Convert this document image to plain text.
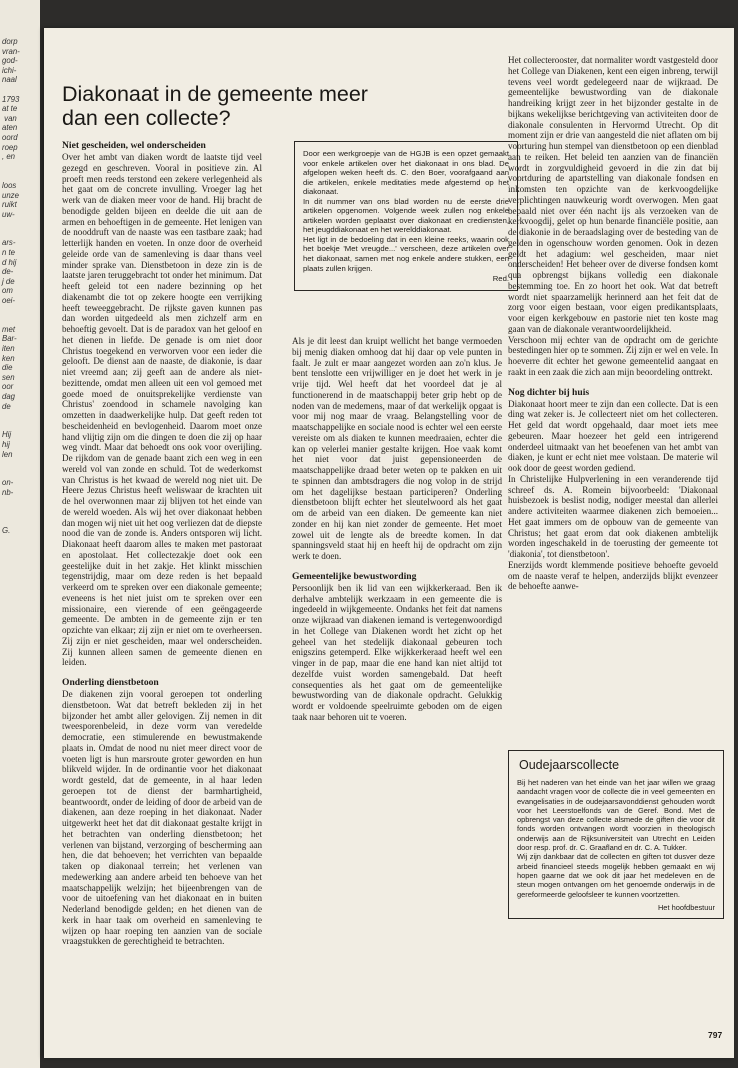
dorp
vran-
god-
ichi-
naal

1793
at te
van
aten
oord
roep
, en

loos
unze
ruikt
uw-

ars-
n te
d hij
de-
j de
om
oei-

met
Bar-
iten
ken
die
sen
oor
dag
de

Hij
hij
len

on-
nb-

G.
Diakonaat in de gemeente meer dan een collecte?
Niet gescheiden, wel onderscheiden

Over het ambt van diaken wordt de laatste tijd veel gezegd en geschreven. Vooral in positieve zin. Al proeft men reeds terstond een zekere verlegenheid als het gaat om de concrete invulling. Vroeger lag het werk van de diaken meer voor de hand. Hij bracht de benodigde gelden bijeen en deelde die uit aan de armen en behoeftigen in de gemeente. Het lenigen van de nooddruft van de naaste was een tastbare zaak; had letterlijk handen en voeten. In onze door de overheid geleide orde van de samenleving is daar thans veel minder sprake van. Dienstbetoon in deze zin is de laatste jaren teruggebracht tot onder het minimum. Dat heeft geleid tot een nadere bezinning op het diakenambt die tot op zekere hoogte een verrijking heeft teweeggebracht. De rijkste gaven kunnen pas dan worden uitgedeeld als men zichzelf arm en behoeftig gevoelt. Dat is de paradox van het geloof en het dienen in liefde. De genade is om niet door Christus toegekend en verworven voor een ieder die gelooft. De dienst aan de naaste, de diakonie, is daar niet vreemd aan; zij geeft aan de andere als niet-bezittende, omdat men alleen uit een vol gemoed met goede moed de onuitsprekelijke verdienste van Christus' zoendood in schamele navolging kan omzetten in daadwerkelijke hulp. Dat geeft reden tot bescheidenheid en bevlogenheid. Daarom moet onze hand vlijtig zijn om die dingen te doen die zij op haar weg vindt. Maar dat behoedt ons ook voor overijling. De rijkdom van de genade baant zich een weg in een wereld vol van zonde en schuld. Tot de wederkomst van Christus is het kwaad de wereld nog niet uit. De Heere Jezus Christus heeft weliswaar de krachten uit de hel overwonnen maar zij blijven tot het einde van de wereld woeden. Als wij het over diakonaat hebben dan mogen wij niet uit het oog verliezen dat de diepste nood die van de zonde is. Anders ontsporen wij licht. Diakonaat heeft daarom alles te maken met pastoraat en apostolaat. Het collectezakje doet ook een geestelijke duit in het zakje. Het klinkt misschien tegenstrijdig, maar om deze reden is het bepaald verkeerd om te spreken over een diakonale gemeente; eveneens is het niet juist om te spreken over een missionaire, een vierende of een geëngageerde gemeente. De ambten in de gemeente zijn er ten opzichte van elkaar; zij zijn er niet om te overheersen. Zij zijn er niet gescheiden, maar wel onderscheiden. Zij kunnen alleen samen de gemeente dienen en leiden.

Onderling dienstbetoon

De diakenen zijn vooral geroepen tot onderling dienstbetoon. Wat dat betreft bekleden zij in het bijzonder het ambt aller gelovigen. Zij nemen in dit tweesporenbeleid, in deze vorm van veredelde democratie, een stimulerende en bewustmakende plaats in. Omdat de nood nu niet meer direct voor de voeten ligt is hun marsroute groter geworden en hun blikveld wijder. In de ordinantie voor het diakonaat wordt gesteld, dat de gemeente, in al haar leden geroepen tot de dienst der barmhartigheid, beantwoordt, onder de leiding of door de arbeid van de diakenen, aan deze roeping in het diakonaat. Nader uitgewerkt heet het dat dit diakonaat gestalte krijgt in het betrachten van onderling dienstbetoon; het verlenen van bijstand, verzorging of bescherming aan hen, die dat behoeven; het verrichten van bepaalde taken op diakonaal terrein; het verlenen van medewerking aan andere arbeid ten behoeve van het maatschappelijk welzijn; het bijeenbrengen van de voor de uitoefening van het diakonaat en in buiten Nederland benodigde gelden; en het dienen van de kerk in haar taak om overheid en samenleving te wijzen op haar roeping ten aanzien van de sociale vraagstukken de gerechtigheid te betrachten.

Door een werkgroepje van de HGJB is een opzet gemaakt voor enkele artikelen over het diakonaat in ons blad. De afgelopen weken heeft ds. C. den Boer, voorafgaand aan die artikelen, enkele meditaties mede afgestemd op het diakonaat.

In dit nummer van ons blad worden nu de eerste drie artikelen opgenomen. Volgende week zullen nog enkele artikelen worden geplaatst over diakonaat en crediensten, het jeugddiakonaat en het werelddiakonaat.

Het ligt in de bedoeling dat in een kleine reeks, waarin ook het boekje 'Met vreugde...' verscheen, deze artikelen over het diakonaat, samen met nog enkele andere stukken, een plaats zullen krijgen.

Red.

Als je dit leest dan kruipt wellicht het bange vermoeden bij menig diaken omhoog dat hij daar op vele punten in faalt. Je zult er maar aangezet worden aan zo'n klus. Je bent tenslotte een vrijwilliger en je doet het werk in je vrije tijd. Wel heeft dat het voordeel dat je al functionerend in de maatschappij beter grip hebt op de noden van de medemens, maar of dat werkelijk opgaat is voor mij nog maar de vraag. Belangstelling voor de maatschappelijke en sociale nood is echter wel een eerste vereiste om als diaken te kunnen meedraaien, echter die kan op velerlei manier gestalte krijgen. Hoe vaak komt het niet voor dat juist gepensioneerden de maatschappelijke draad beter weten op te pakken en uit te spinnen dan ambtsdragers die nog volop in de strijd om het dagelijkse bestaan participeren? Onderling dienstbetoon blijft echter het sleutelwoord als het gaat om de arbeid van een diaken. De gemeente kan niet zonder en hij kan niet zonder de gemeente. Het moet zowel uit de lengte als de breedte komen. In dat spanningsveld staat hij en heeft hij de opdracht om zijn werk te doen.

Gemeentelijke bewustwording

Persoonlijk ben ik lid van een wijkkerkeraad. Ben ik derhalve ambtelijk werkzaam in een gemeente die is ingedeeld in wijkgemeente. Ondanks het feit dat namens onze wijkraad van diakenen iemand is vertegenwoordigd in het College van Diakenen wordt het zicht op het geheel van het stedelijk diakonaal gebeuren toch enigszins getemperd. Elke wijkkerkeraad heeft wel een vinger in de pap, maar die ene hand kan niet altijd tot dezelfde vuist worden samengebald. Dat heeft consequenties als het gaat om de gemeentelijke bewustwording van de diakonale opdracht. Gelukkig wordt er voldoende speelruimte geboden om de eigen taak naar behoren uit te voeren.

Het collecterooster, dat normaliter wordt vastgesteld door het College van Diakenen, kent een eigen inbreng, terwijl tevens veel wordt gedelegeerd naar de wijkraad. De gemeentelijke bewustwording van de diakonale handreiking krijgt zeer in het bijzonder gestalte in de bijkans wekelijkse berichtgeving van activiteiten door de diakonale consulenten in Hervormd Utrecht. Op dit moment zijn er drie van aangesteld die niet aflaten om bij voorturing hun stempel van dienstbetoon op een dienblad aan te reiken. Het beleid ten aanzien van de financiën wordt in zorgvuldigheid gevoerd in die zin dat bij voortduring de apartstelling van diakonale fondsen en inkomsten ten opzichte van de kerkvoogdelijke verplichtingen nauwkeurig wordt overwogen. Men gaat bepaald niet over één nacht ijs als verzoeken van de kerkvoogdij, gelet op hun benarde financiële positie, aan de diakonie in de beraadslaging over de besteding van de gelden in ogenschouw worden genomen. Ook in dezen geldt het adagium: wel gescheiden, maar niet onderscheiden! Het beheer over de diverse fondsen komt qua opbrengst bijkans volledig een diakonale bestemming toe. En zo hoort het ook. Wat dat betreft wordt niet spaarzamelijk herinnerd aan het feit dat de zorg voor eigen bestaan, voor eigen predikantsplaats, voor eigen kerkgebouw en pastorie niet ten koste mag gaan van de diakonale verantwoordelijkheid.

Verschoon mij echter van de opdracht om de gerichte bestedingen hier op te sommen. Zij zijn er wel en vele. In hoeverre dit echter het gewone gemeentelid aangaat en raakt in een zaak die zich aan mijn beoordeling onttrekt.

Nog dichter bij huis

Diakonaat hoort meer te zijn dan een collecte. Dat is een ding wat zeker is. Je collecteert niet om het collecteren. Het geld dat wordt opgehaald, daar moet iets mee gebeuren. Maar hoezeer het geld een intrigerend onderdeel uitmaakt van het beoefenen van het ambt van diaken, je kunt er echt niet mee volstaan. De materie wil ook door de geest worden gediend.

In Christelijke Hulpverlening in een veranderende tijd schreef ds. A. Romein bijvoorbeeld: 'Diakonaal huisbezoek is beslist nodig, nodiger meestal dan allerlei andere activiteiten waarmee diakenen zich bemoeien... Het gaat immers om de opbouw van de gemeente van Christus; het gaat erom dat ook diakenen ambtelijk worden ingeschakeld in de toerusting der gemeente tot 'diakonia', tot dienstbetoon'.

Enerzijds wordt klemmende positieve behoefte gevoeld om de naaste veraf te helpen, anderzijds blijkt evenzeer de behoefte aanwe-

Oudejaarscollecte

Bij het naderen van het einde van het jaar willen we graag aandacht vragen voor de collecte die in veel gemeenten en evangelisaties in de oudejaarsavonddienst gehouden wordt voor het Leerstoelfonds van de Geref. Bond. Met de opbrengst van deze collecte alsmede de giften die voor dit fonds worden ontvangen wordt voorzien in theologisch onderwijs aan de Rijksuniversiteit van Utrecht en Leiden door resp. prof. dr. C. Graafland en dr. C. A. Tukker.

Wij zijn dankbaar dat de collecten en giften tot dusver deze arbeid financieel steeds mogelijk hebben gemaakt en wij hopen gaarne dat we ook dit jaar het medeleven en de steun mogen ontvangen om het genoemde onderwijs in de gereformeerde geloofsleer te kunnen voortzetten.

Het hoofdbestuur

797
